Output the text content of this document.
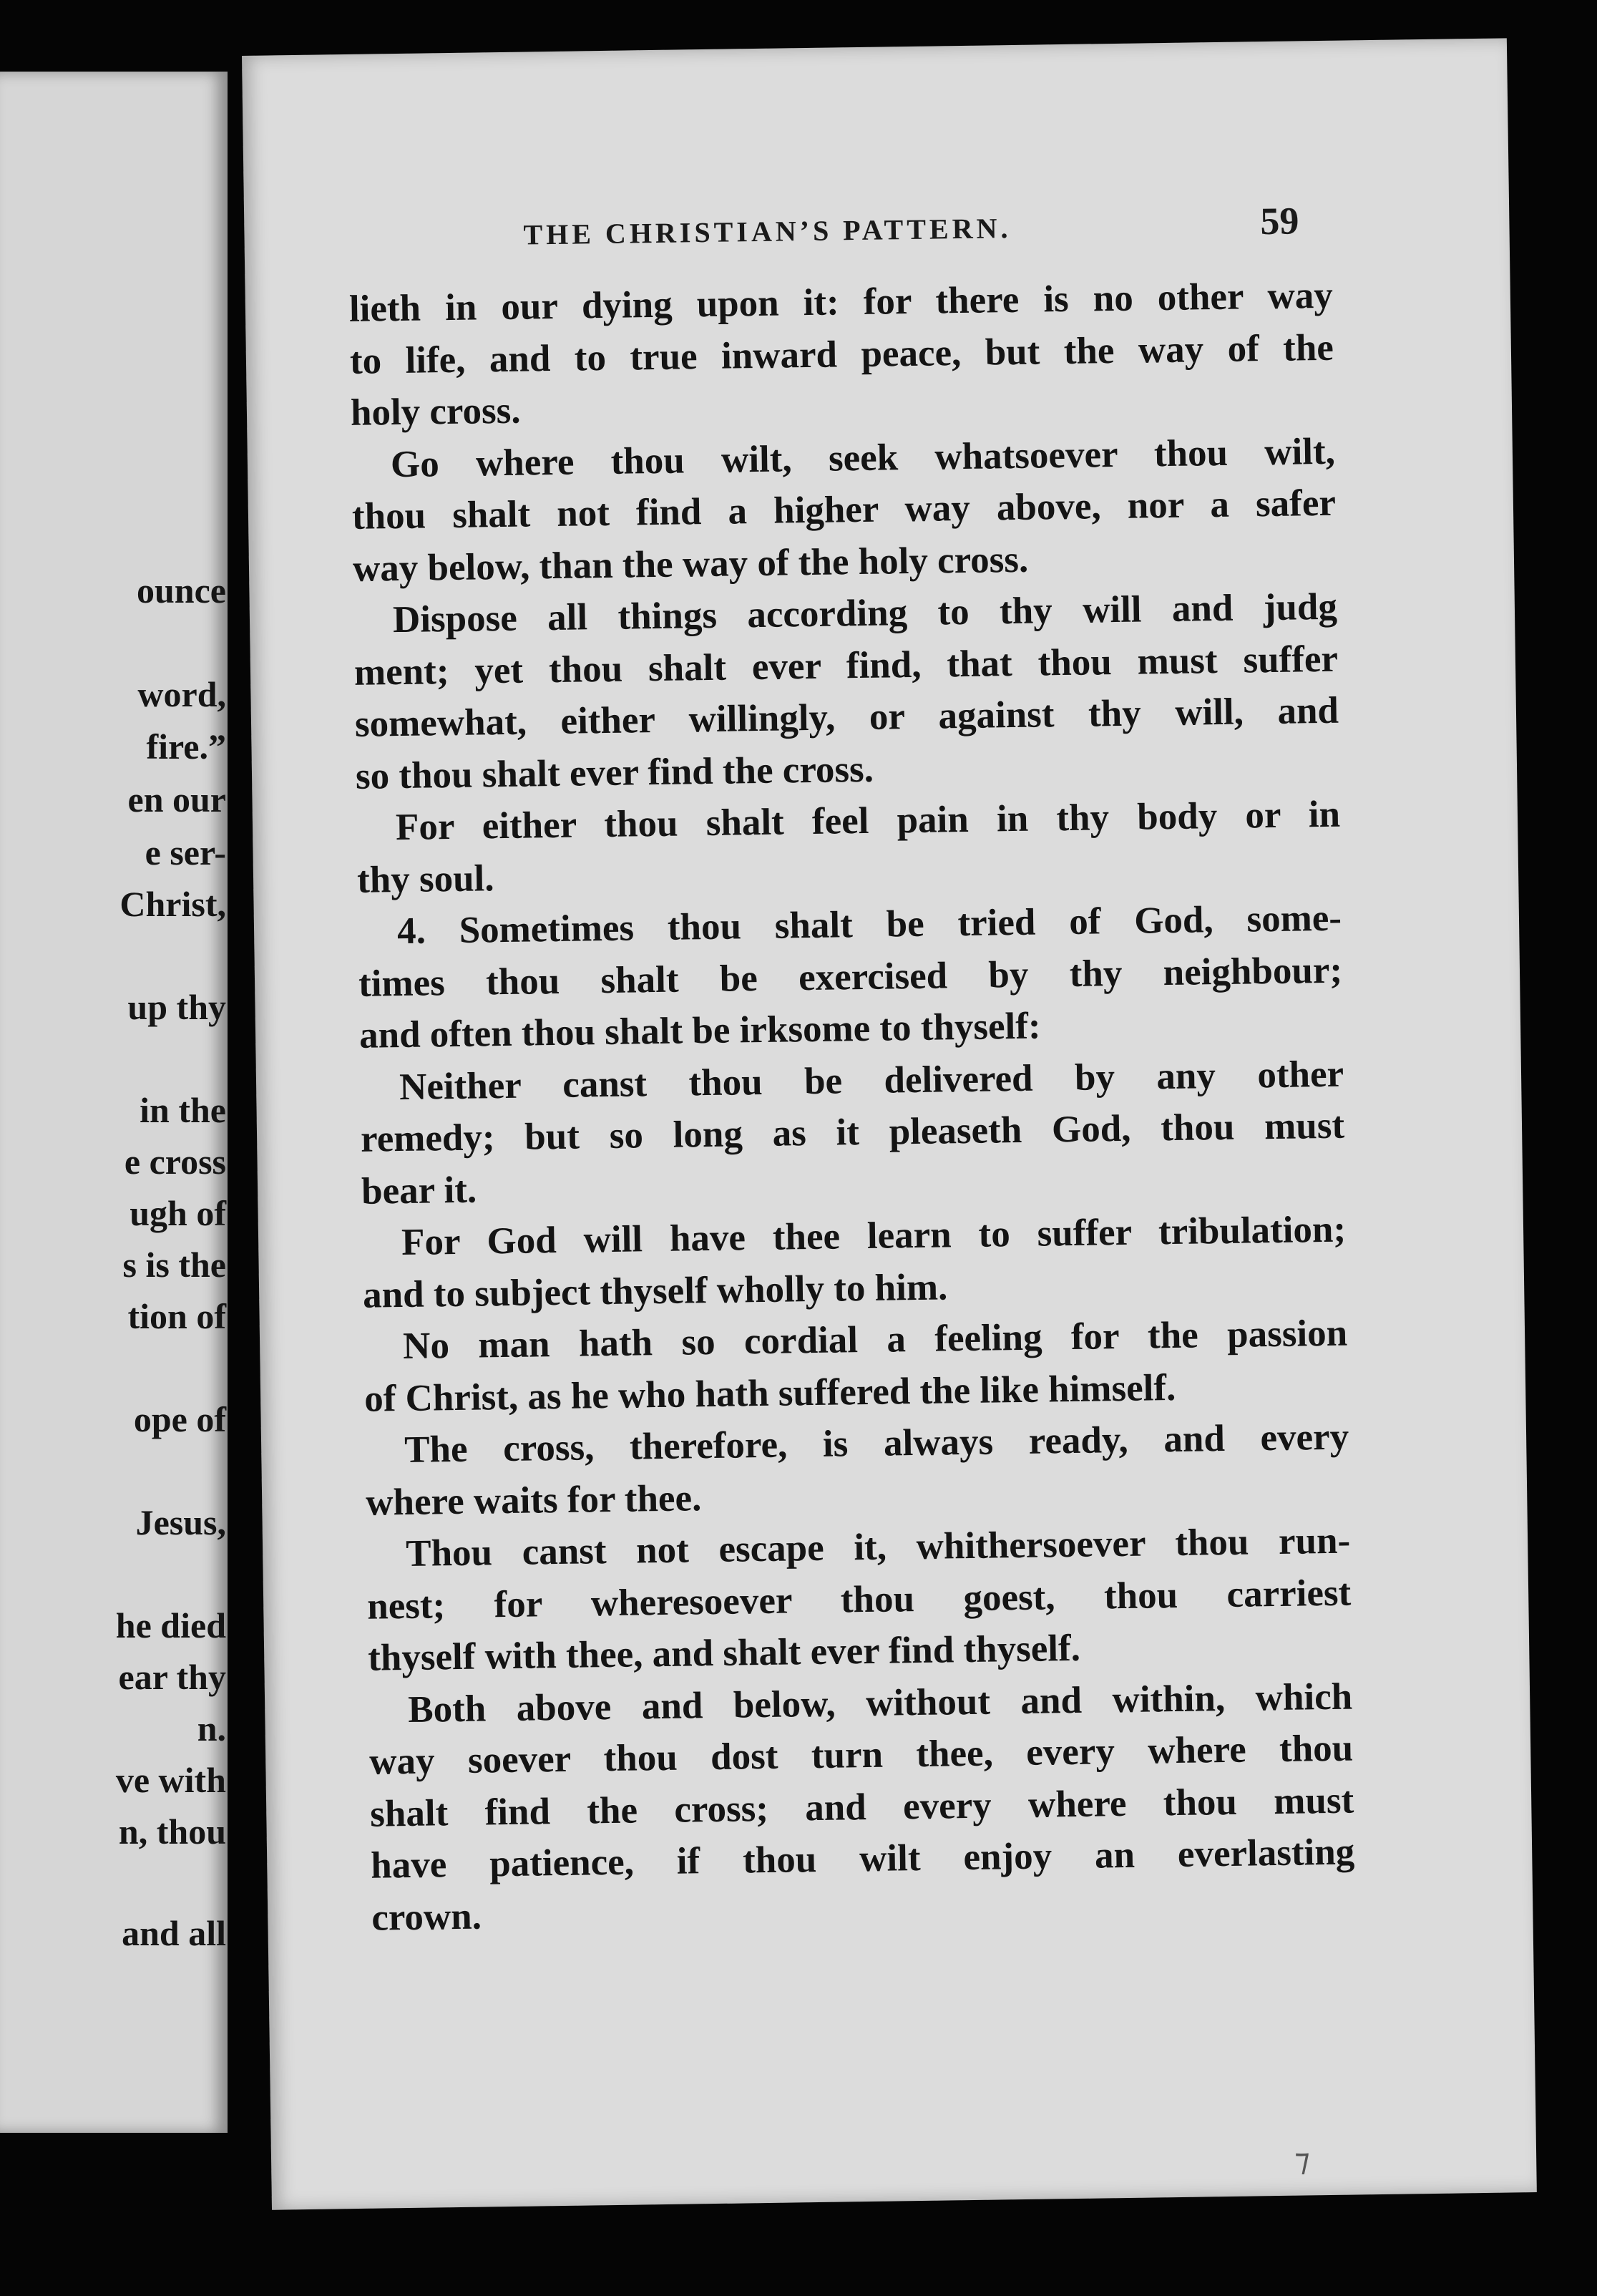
ounce
word,
fire.”
en our
e ser-
Christ,
up thy
in the
e cross
ugh of
s is the
tion of
ope of
Jesus,
he died
ear thy
n.
ve with
n, thou
and all
THE CHRISTIAN’S PATTERN.	59
⁊
lieth in our dying upon it: for there is no other way
to life, and to true inward peace, but the way of the
holy cross.
Go where thou wilt, seek whatsoever thou wilt,
thou shalt not find a higher way above, nor a safer
way below, than the way of the holy cross.
Dispose all things according to thy will and judg
ment; yet thou shalt ever find, that thou must suffer
somewhat, either willingly, or against thy will, and
so thou shalt ever find the cross.
For either thou shalt feel pain in thy body or in
thy soul.
4. Sometimes thou shalt be tried of God, some-
times thou shalt be exercised by thy neighbour;
and often thou shalt be irksome to thyself:
Neither canst thou be delivered by any other
remedy; but so long as it pleaseth God, thou must
bear it.
For God will have thee learn to suffer tribulation;
and to subject thyself wholly to him.
No man hath so cordial a feeling for the passion
of Christ, as he who hath suffered the like himself.
The cross, therefore, is always ready, and every
where waits for thee.
Thou canst not escape it, whithersoever thou run-
nest; for wheresoever thou goest, thou carriest
thyself with thee, and shalt ever find thyself.
Both above and below, without and within, which
way soever thou dost turn thee, every where thou
shalt find the cross; and every where thou must
have patience, if thou wilt enjoy an everlasting
crown.
